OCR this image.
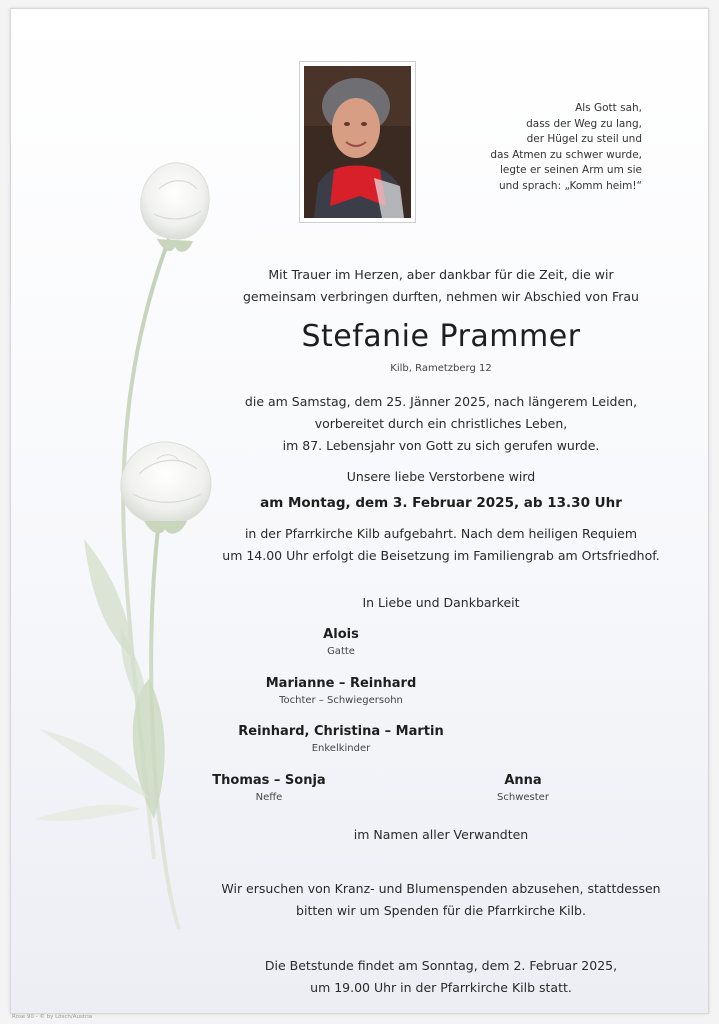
Als Gott sah,
dass der Weg zu lang,
der Hügel zu steil und
das Atmen zu schwer wurde,
legte er seinen Arm um sie
und sprach: „Komm heim!“
Mit Trauer im Herzen, aber dankbar für die Zeit, die wir
gemeinsam verbringen durften, nehmen wir Abschied von Frau
Stefanie Prammer
Kilb, Rametzberg 12
die am Samstag, dem 25. Jänner 2025, nach längerem Leiden,
vorbereitet durch ein christliches Leben,
im 87. Lebensjahr von Gott zu sich gerufen wurde.
Unsere liebe Verstorbene wird
am Montag, dem 3. Februar 2025, ab 13.30 Uhr
in der Pfarrkirche Kilb aufgebahrt. Nach dem heiligen Requiem
um 14.00 Uhr erfolgt die Beisetzung im Familiengrab am Ortsfriedhof.
In Liebe und Dankbarkeit
Alois
Gatte
Marianne – Reinhard
Tochter – Schwiegersohn
Reinhard, Christina – Martin
Enkelkinder
Thomas – Sonja
Neffe
Anna
Schwester
im Namen aller Verwandten
Wir ersuchen von Kranz- und Blumenspenden abzusehen, stattdessen
bitten wir um Spenden für die Pfarrkirche Kilb.
Die Betstunde findet am Sonntag, dem 2. Februar 2025,
um 19.00 Uhr in der Pfarrkirche Kilb statt.
Rose 90 - © by Lösch/Austria
